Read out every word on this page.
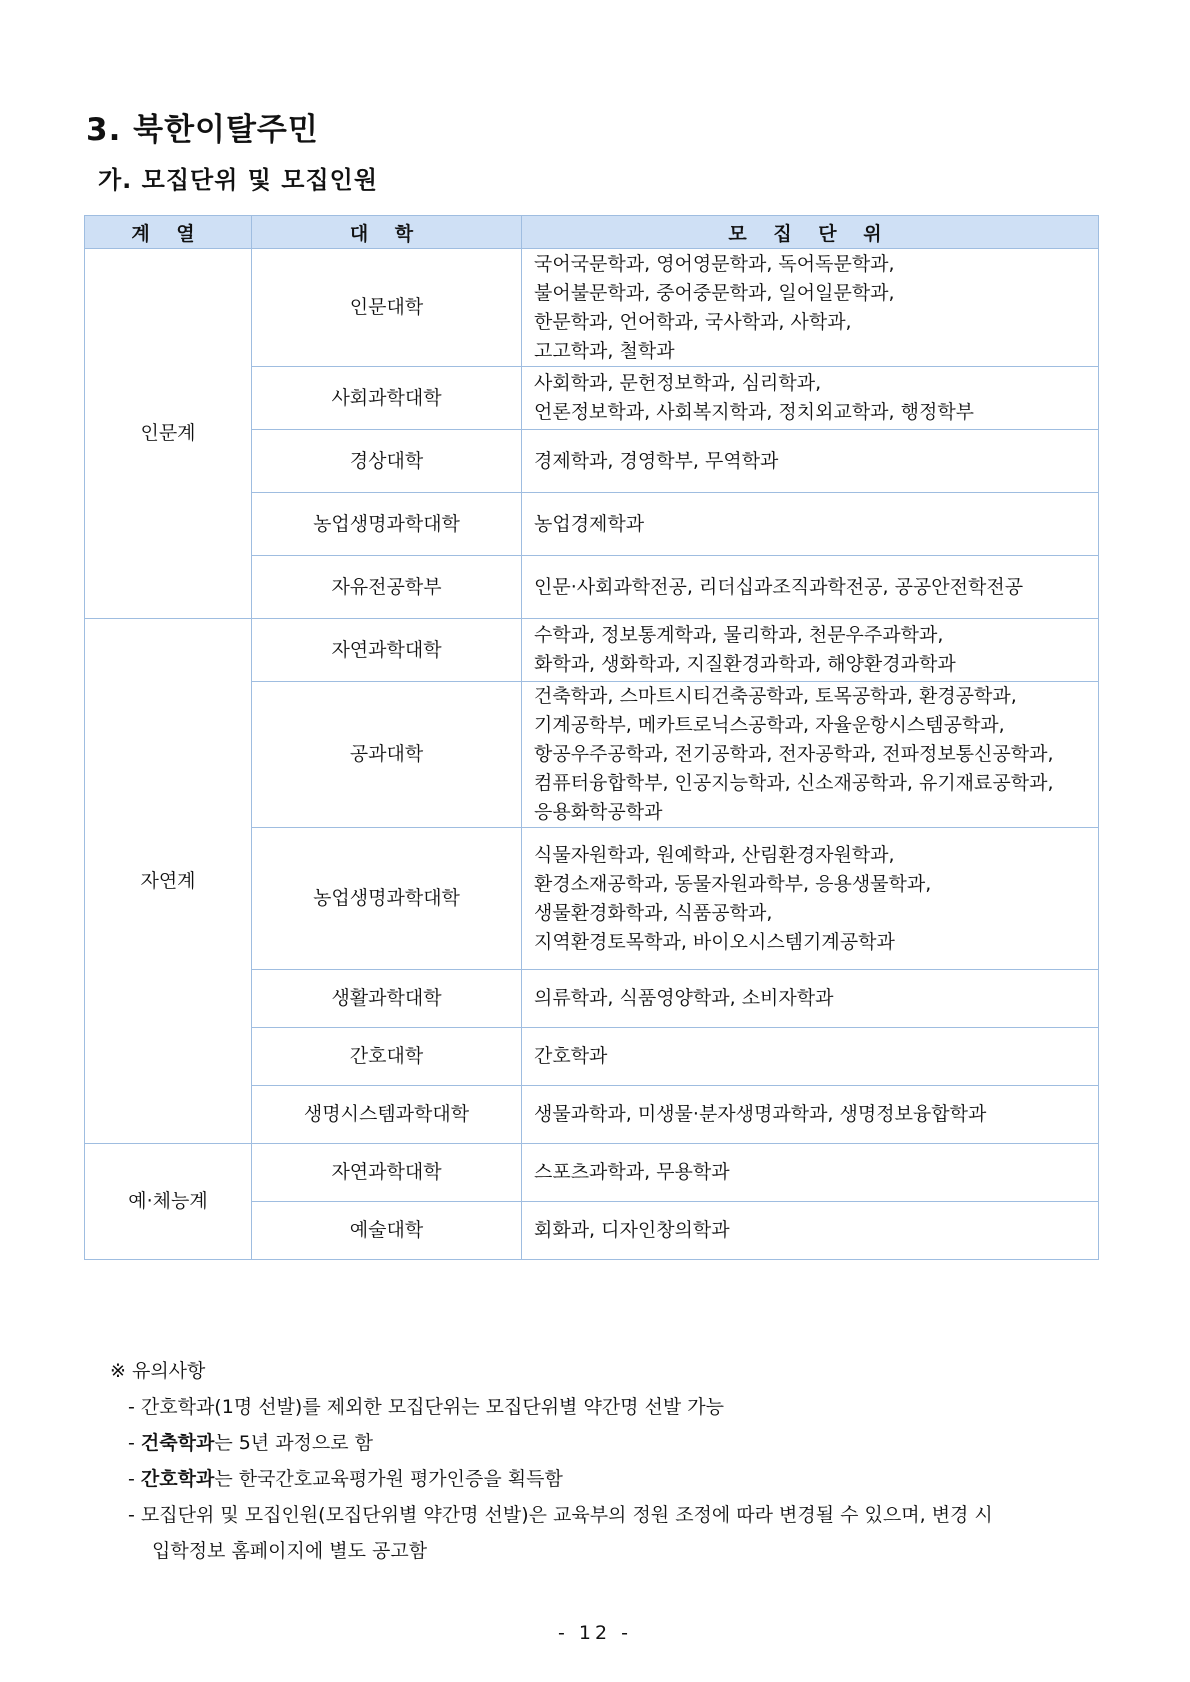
3. 북한이탈주민
가. 모집단위 및 모집인원
계 열	대 학	모 집 단 위
인문계	인문대학	국어국문학과, 영어영문학과, 독어독문학과,
불어불문학과, 중어중문학과, 일어일문학과,
한문학과, 언어학과, 국사학과, 사학과,
고고학과, 철학과

	사회과학대학	사회학과, 문헌정보학과, 심리학과,
언론정보학과, 사회복지학과, 정치외교학과, 행정학부

	경상대학	경제학과, 경영학부, 무역학과

	농업생명과학대학	농업경제학과

	자유전공학부	인문·사회과학전공, 리더십과조직과학전공, 공공안전학전공

자연계	자연과학대학	수학과, 정보통계학과, 물리학과, 천문우주과학과,
화학과, 생화학과, 지질환경과학과, 해양환경과학과

	공과대학	건축학과, 스마트시티건축공학과, 토목공학과, 환경공학과,
기계공학부, 메카트로닉스공학과, 자율운항시스템공학과,
항공우주공학과, 전기공학과, 전자공학과, 전파정보통신공학과,
컴퓨터융합학부, 인공지능학과, 신소재공학과, 유기재료공학과,
응용화학공학과

	농업생명과학대학	식물자원학과, 원예학과, 산림환경자원학과,
환경소재공학과, 동물자원과학부, 응용생물학과,
생물환경화학과, 식품공학과,
지역환경토목학과, 바이오시스템기계공학과

	생활과학대학	의류학과, 식품영양학과, 소비자학과

	간호대학	간호학과

	생명시스템과학대학	생물과학과, 미생물·분자생명과학과, 생명정보융합학과

예·체능계	자연과학대학	스포츠과학과, 무용학과

	예술대학	회화과, 디자인창의학과
※ 유의사항
- 간호학과(1명 선발)를 제외한 모집단위는 모집단위별 약간명 선발 가능
- 건축학과는 5년 과정으로 함
- 간호학과는 한국간호교육평가원 평가인증을 획득함
- 모집단위 및 모집인원(모집단위별 약간명 선발)은 교육부의 정원 조정에 따라 변경될 수 있으며, 변경 시
입학정보 홈페이지에 별도 공고함
- 12 -
